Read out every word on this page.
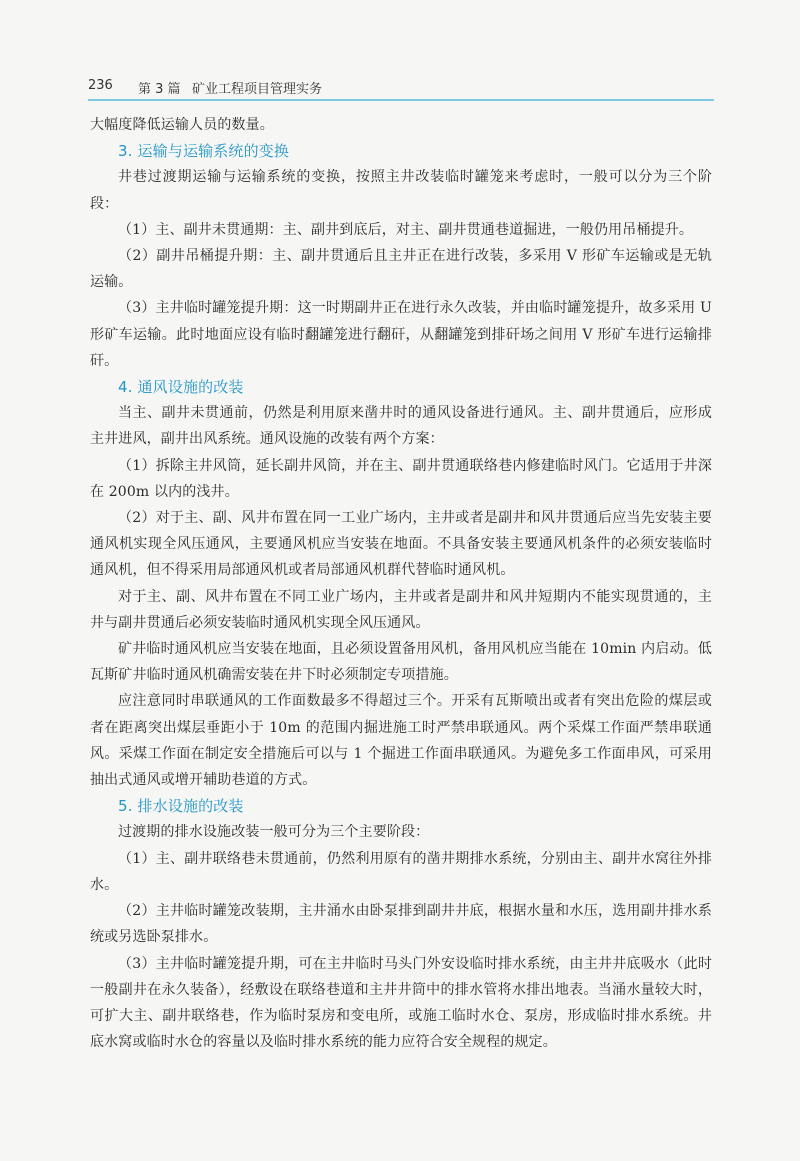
236 第 3 篇 矿业工程项目管理实务

大幅度降低运输人员的数量。

3. 运输与运输系统的变换

井巷过渡期运输与运输系统的变换，按照主井改装临时罐笼来考虑时，一般可以分为三个阶段：

（1）主、副井未贯通期：主、副井到底后，对主、副井贯通巷道掘进，一般仍用吊桶提升。

（2）副井吊桶提升期：主、副井贯通后且主井正在进行改装，多采用 V 形矿车运输或是无轨运输。

（3）主井临时罐笼提升期：这一时期副井正在进行永久改装，并由临时罐笼提升，故多采用 U 形矿车运输。此时地面应设有临时翻罐笼进行翻矸，从翻罐笼到排矸场之间用 V 形矿车进行运输排矸。

4. 通风设施的改装

当主、副井未贯通前，仍然是利用原来凿井时的通风设备进行通风。主、副井贯通后，应形成主井进风，副井出风系统。通风设施的改装有两个方案：

（1）拆除主井风筒，延长副井风筒，并在主、副井贯通联络巷内修建临时风门。它适用于井深在 200m 以内的浅井。

（2）对于主、副、风井布置在同一工业广场内，主井或者是副井和风井贯通后应当先安装主要通风机实现全风压通风，主要通风机应当安装在地面。不具备安装主要通风机条件的必须安装临时通风机，但不得采用局部通风机或者局部通风机群代替临时通风机。

对于主、副、风井布置在不同工业广场内，主井或者是副井和风井短期内不能实现贯通的，主井与副井贯通后必须安装临时通风机实现全风压通风。

矿井临时通风机应当安装在地面，且必须设置备用风机，备用风机应当能在 10min 内启动。低瓦斯矿井临时通风机确需安装在井下时必须制定专项措施。

应注意同时串联通风的工作面数最多不得超过三个。开采有瓦斯喷出或者有突出危险的煤层或者在距离突出煤层垂距小于 10m 的范围内掘进施工时严禁串联通风。两个采煤工作面严禁串联通风。采煤工作面在制定安全措施后可以与 1 个掘进工作面串联通风。为避免多工作面串风，可采用抽出式通风或增开辅助巷道的方式。

5. 排水设施的改装

过渡期的排水设施改装一般可分为三个主要阶段：

（1）主、副井联络巷未贯通前，仍然利用原有的凿井期排水系统，分别由主、副井水窝往外排水。

（2）主井临时罐笼改装期，主井涌水由卧泵排到副井井底，根据水量和水压，选用副井排水系统或另选卧泵排水。

（3）主井临时罐笼提升期，可在主井临时马头门外安设临时排水系统，由主井井底吸水（此时一般副井在永久装备），经敷设在联络巷道和主井井筒中的排水管将水排出地表。当涌水量较大时，可扩大主、副井联络巷，作为临时泵房和变电所，或施工临时水仓、泵房，形成临时排水系统。井底水窝或临时水仓的容量以及临时排水系统的能力应符合安全规程的规定。
